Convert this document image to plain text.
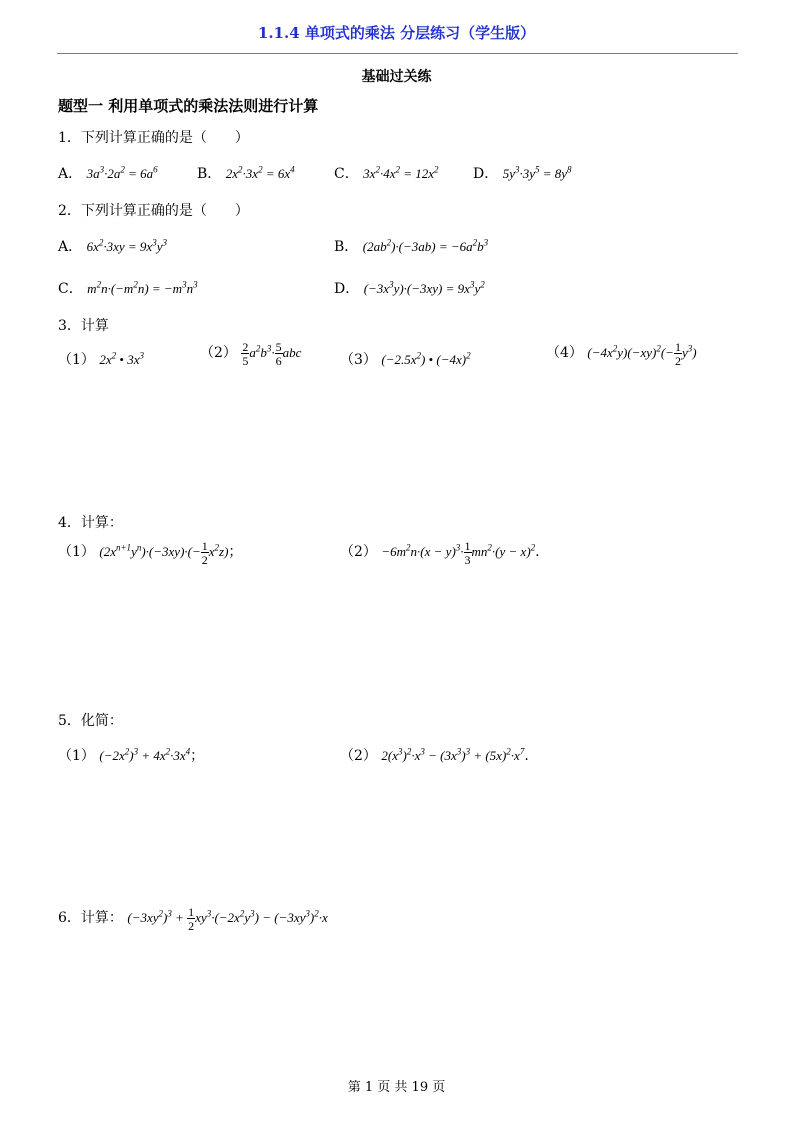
1.1.4 单项式的乘法 分层练习（学生版）
基础过关练
题型一 利用单项式的乘法法则进行计算
1．下列计算正确的是（　　）
A． $3a^3\cdot 2a^2 = 6a^6$	B． $2x^2\cdot 3x^2 = 6x^4$	C． $3x^2\cdot 4x^2 = 12x^2$ D． $5y^3\cdot 3y^5 = 8y^8$
2．下列计算正确的是（　　）
A． $6x^2\cdot 3xy = 9x^3y^3$	B． $(2ab^2)\cdot(-3ab) = -6a^2b^3$
C． $m^2n\cdot(-m^2n) = -m^3n^3$	D． $(-3x^3y)\cdot(-3xy) = 9x^3y^2$
3．计算
（1） $2x^2$ • $3x^3$	$(2) \frac{2}{5} a^2b^3\cdot \frac{5}{6}$ abc	（3） $(-2.5x^2)$ • $(-4x)^2$	（4） $(-4x^2y)(-xy)^2(- \frac{1}{2} y^3)$
4．计算：
（1） $(2x^{n+1}y^n)\cdot(-3xy)\cdot(- \frac{1}{2} x^2z)$；	$(2) -6m^2n\cdot(x - y)^3\cdot \frac{1}{3} mn^2\cdot(y - x)^2$.
5．化简：
（1） $(-2x^2)^3 + 4x^2\cdot 3x^4$；	（2） $2(x^3)^2\cdot x^3 - (3x^3)^3 + (5x)^2\cdot x^7$.
6．计算： $(-3xy^2)^3 + \frac{1}{2} xy^3\cdot(-2x^2y^3) - (-3xy^3)^2\cdot x$
第 1 页 共 19 页
